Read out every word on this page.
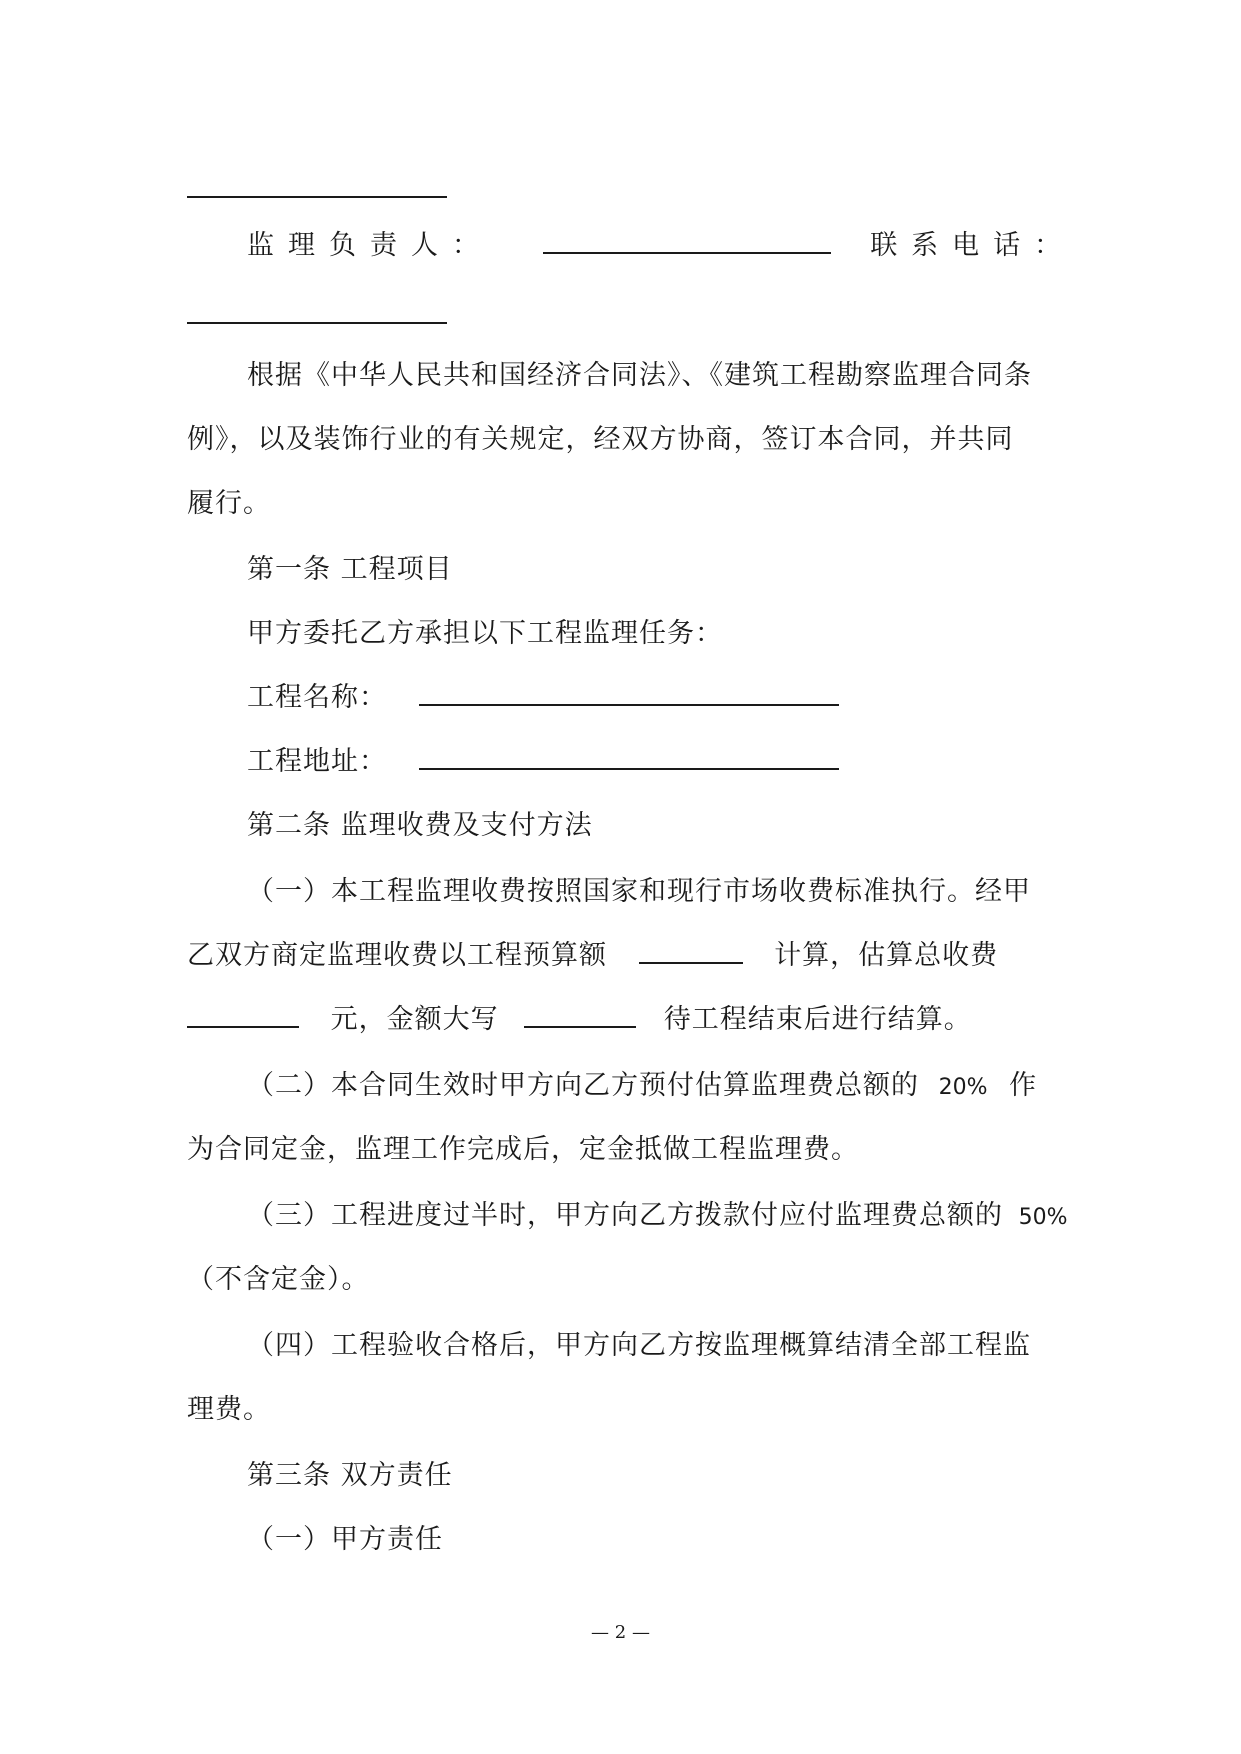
监理负责人：	联系电话：
根据《中华人民共和国经济合同法》、《建筑工程勘察监理合同条
例》，以及装饰行业的有关规定，经双方协商，签订本合同，并共同
履行。
第一条 工程项目
甲方委托乙方承担以下工程监理任务：
工程名称：
工程地址：
第二条 监理收费及支付方法
（一）本工程监理收费按照国家和现行市场收费标准执行。经甲
乙双方商定监理收费以工程预算额	计算，估算总收费
元，金额大写	待工程结束后进行结算。
（二）本合同生效时甲方向乙方预付估算监理费总额的 20% 作
为合同定金，监理工作完成后，定金抵做工程监理费。
（三）工程进度过半时，甲方向乙方拨款付应付监理费总额的 50%
（不含定金）。
（四）工程验收合格后，甲方向乙方按监理概算结清全部工程监
理费。
第三条 双方责任
（一）甲方责任
— 2 —
